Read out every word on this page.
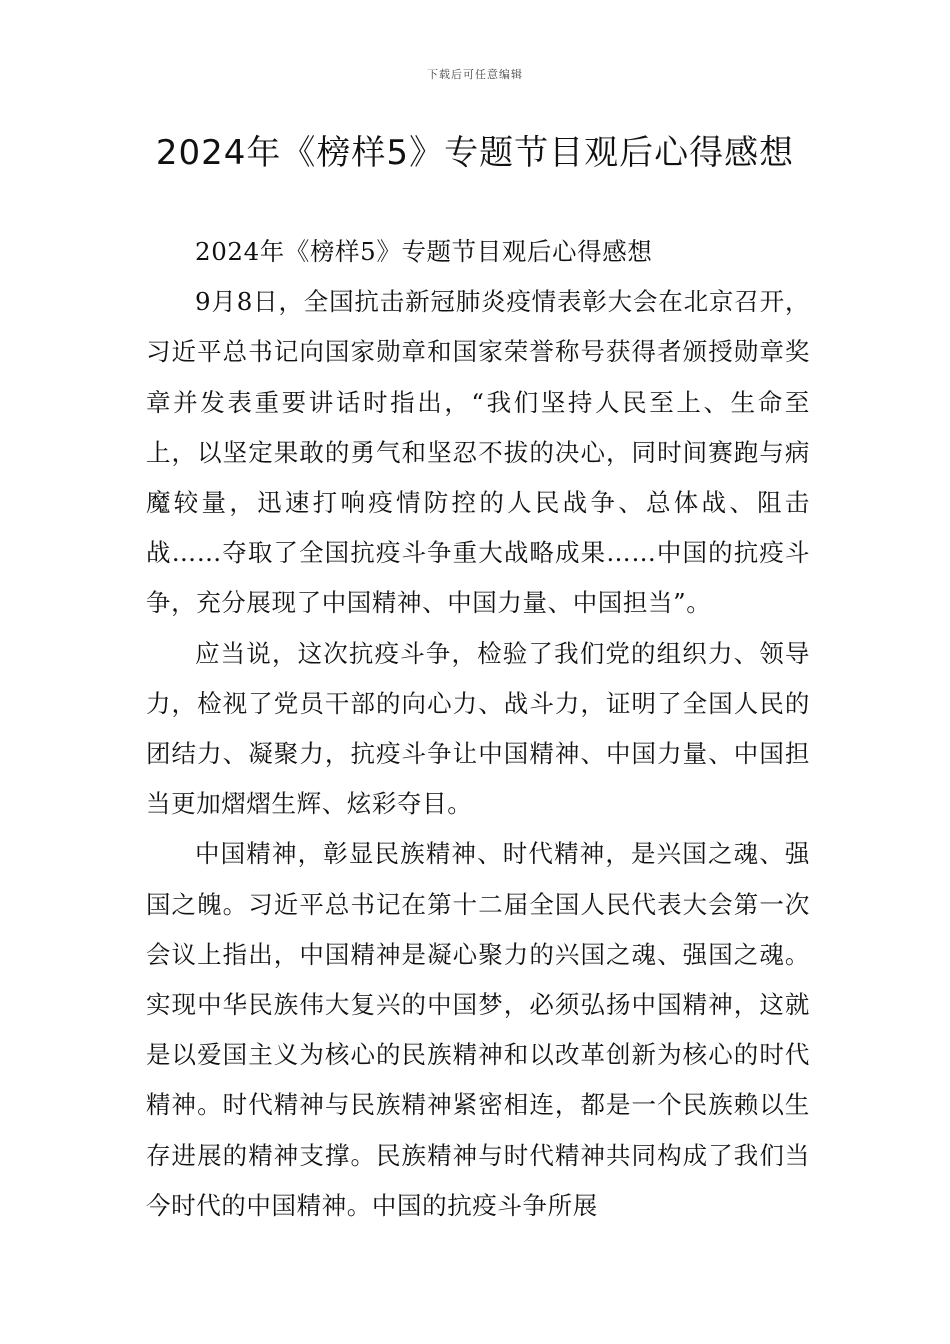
下载后可任意编辑
2024年《榜样5》专题节目观后心得感想

2024年《榜样5》专题节目观后心得感想

9月8日，全国抗击新冠肺炎疫情表彰大会在北京召开，习近平总书记向国家勋章和国家荣誉称号获得者颁授勋章奖章并发表重要讲话时指出，“我们坚持人民至上、生命至上，以坚定果敢的勇气和坚忍不拔的决心，同时间赛跑与病魔较量，迅速打响疫情防控的人民战争、总体战、阻击战……夺取了全国抗疫斗争重大战略成果……中国的抗疫斗争，充分展现了中国精神、中国力量、中国担当”。

应当说，这次抗疫斗争，检验了我们党的组织力、领导力，检视了党员干部的向心力、战斗力，证明了全国人民的团结力、凝聚力，抗疫斗争让中国精神、中国力量、中国担当更加熠熠生辉、炫彩夺目。

中国精神，彰显民族精神、时代精神，是兴国之魂、强国之魄。习近平总书记在第十二届全国人民代表大会第一次会议上指出，中国精神是凝心聚力的兴国之魂、强国之魂。实现中华民族伟大复兴的中国梦，必须弘扬中国精神，这就是以爱国主义为核心的民族精神和以改革创新为核心的时代精神。时代精神与民族精神紧密相连，都是一个民族赖以生存进展的精神支撑。民族精神与时代精神共同构成了我们当今时代的中国精神。中国的抗疫斗争所展
